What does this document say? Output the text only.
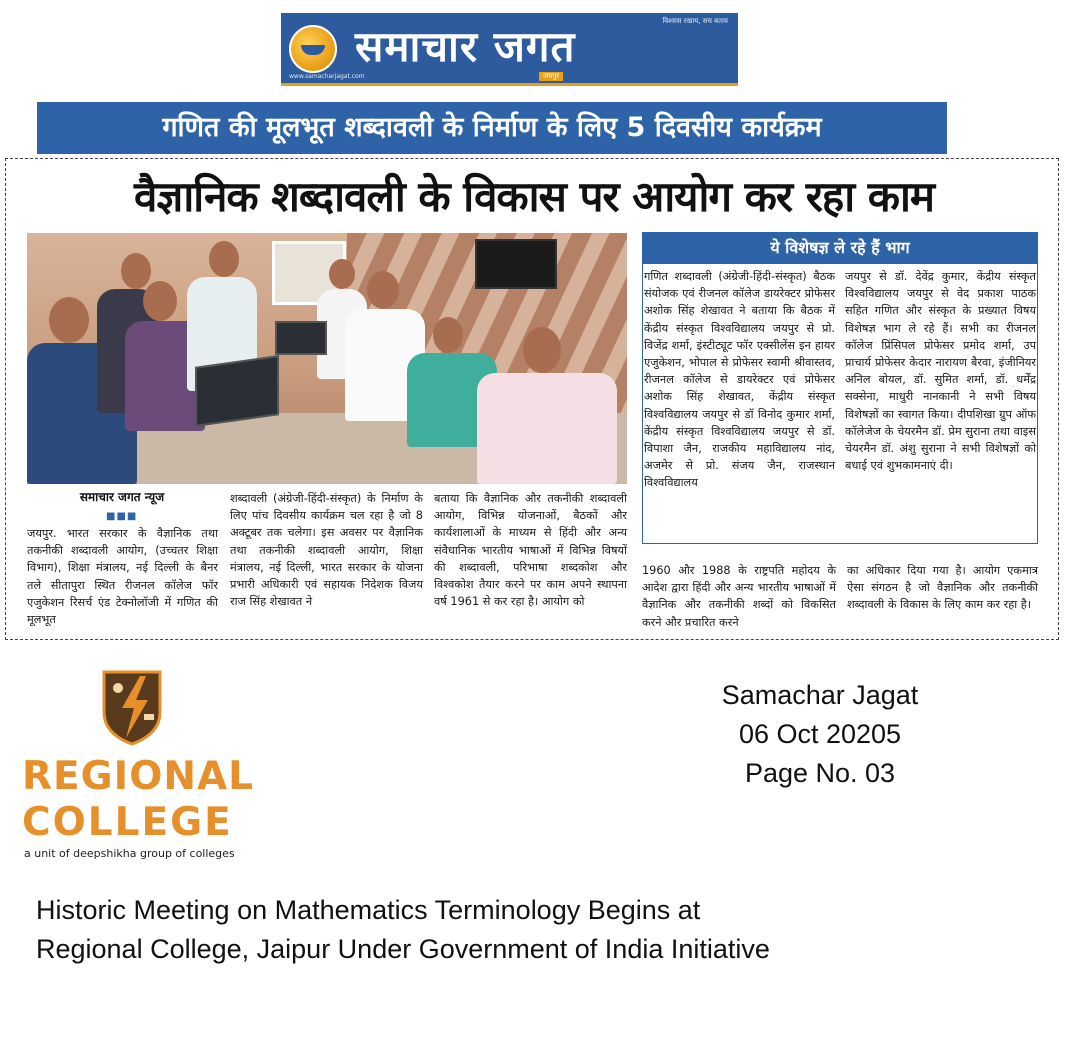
समाचार जगत
विश्वास रखाय, सच बताय
www.samacharjagat.com	जयपुर
गणित की मूलभूत शब्दावली के निर्माण के लिए 5 दिवसीय कार्यक्रम
वैज्ञानिक शब्दावली के विकास पर आयोग कर रहा काम
ये विशेषज्ञ ले रहे हैं भाग

गणित शब्दावली (अंग्रेजी-हिंदी-संस्कृत) बैठक संयोजक एवं रीजनल कॉलेज डायरेक्टर प्रोफेसर अशोक सिंह शेखावत ने बताया कि बैठक में केंद्रीय संस्कृत विश्वविद्यालय जयपुर से प्रो. विजेंद्र शर्मा, इंस्टीट्यूट फॉर एक्सीलेंस इन हायर एजुकेशन, भोपाल से प्रोफेसर स्वामी श्रीवास्तव, रीजनल कॉलेज से डायरेक्टर एवं प्रोफेसर अशोक सिंह शेखावत, केंद्रीय संस्कृत विश्वविद्यालय जयपुर से डॉ विनोद कुमार शर्मा, केंद्रीय संस्कृत विश्वविद्यालय जयपुर से डॉ. विपाशा जैन, राजकीय महाविद्यालय नांद, अजमेर से प्रो. संजय जैन, राजस्थान विश्वविद्यालय

जयपुर से डॉ. देवेंद्र कुमार, केंद्रीय संस्कृत विश्वविद्यालय जयपुर से वेद प्रकाश पाठक सहित गणित और संस्कृत के प्रख्यात विषय विशेषज्ञ भाग ले रहे हैं। सभी का रीजनल कॉलेज प्रिंसिपल प्रोफेसर प्रमोद शर्मा, उप प्राचार्य प्रोफेसर केदार नारायण बैरवा, इंजीनियर अनिल बोयल, डॉ. सुमित शर्मा, डॉ. धर्मेंद्र सक्सेना, माधुरी नानकानी ने सभी विषय विशेषज्ञों का स्वागत किया। दीपशिखा ग्रुप ऑफ कॉलेजेज के चेयरमैन डॉ. प्रेम सुराना तथा वाइस चेयरमैन डॉ. अंशु सुराना ने सभी विशेषज्ञों को बधाई एवं शुभकामनाएं दी।

समाचार जगत न्यूज
■■■

जयपुर. भारत सरकार के वैज्ञानिक तथा तकनीकी शब्दावली आयोग, (उच्चतर शिक्षा विभाग), शिक्षा मंत्रालय, नई दिल्ली के बैनर तले सीतापुरा स्थित रीजनल कॉलेज फॉर एजुकेशन रिसर्च एंड टेक्नोलॉजी में गणित की मूलभूत

शब्दावली (अंग्रेजी-हिंदी-संस्कृत) के निर्माण के लिए पांच दिवसीय कार्यक्रम चल रहा है जो 8 अक्टूबर तक चलेगा। इस अवसर पर वैज्ञानिक तथा तकनीकी शब्दावली आयोग, शिक्षा मंत्रालय, नई दिल्ली, भारत सरकार के योजना प्रभारी अधिकारी एवं सहायक निदेशक विजय राज सिंह शेखावत ने

बताया कि वैज्ञानिक और तकनीकी शब्दावली आयोग, विभिन्न योजनाओं, बैठकों और कार्यशालाओं के माध्यम से हिंदी और अन्य संवैधानिक भारतीय भाषाओं में विभिन्न विषयों की शब्दावली, परिभाषा शब्दकोश और विश्वकोश तैयार करने पर काम अपने स्थापना वर्ष 1961 से कर रहा है। आयोग को

1960 और 1988 के राष्ट्रपति महोदय के आदेश द्वारा हिंदी और अन्य भारतीय भाषाओं में वैज्ञानिक और तकनीकी शब्दों को विकसित करने और प्रचारित करने

का अधिकार दिया गया है। आयोग एकमात्र ऐसा संगठन है जो वैज्ञानिक और तकनीकी शब्दावली के विकास के लिए काम कर रहा है।

REGIONAL
COLLEGE
a unit of deepshikha group of colleges
Samachar Jagat
06 Oct 20205
Page No. 03
Historic Meeting on Mathematics Terminology Begins at Regional College, Jaipur Under Government of India Initiative
